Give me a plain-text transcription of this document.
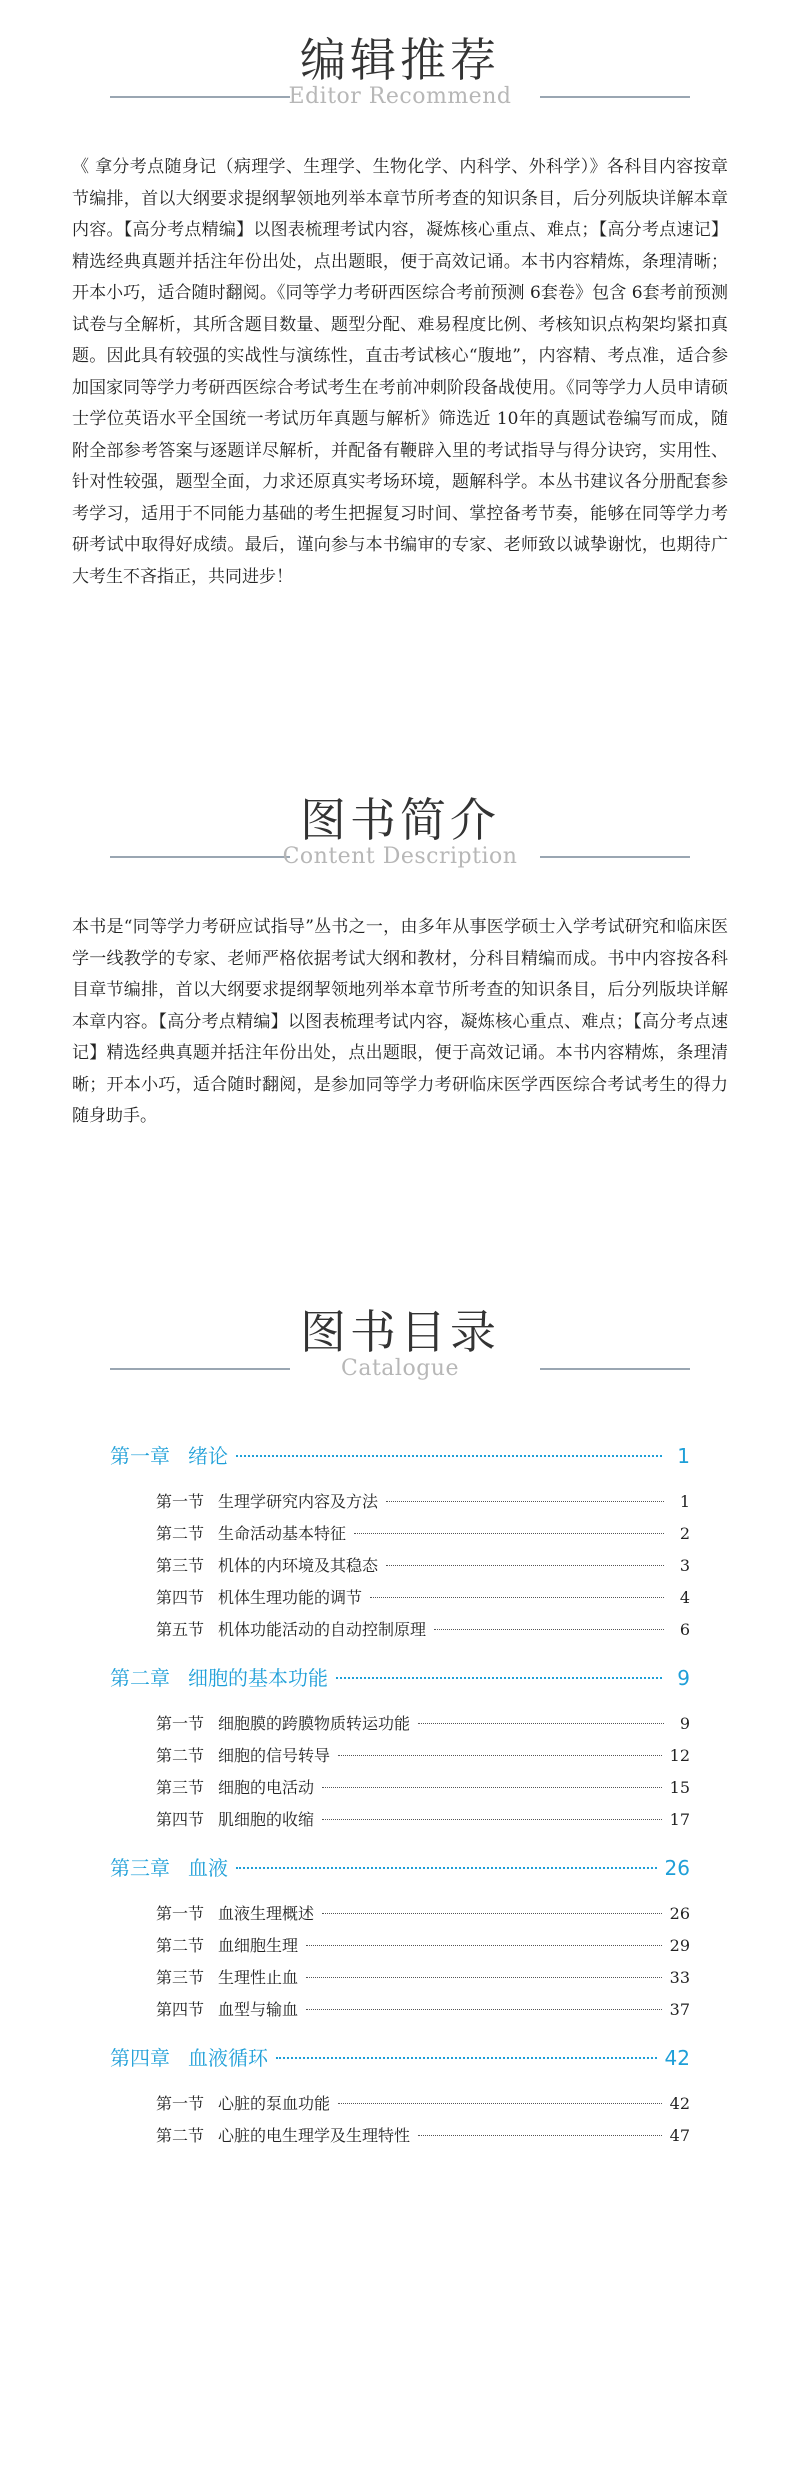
编辑推荐
Editor Recommend

《 拿分考点随身记（病理学、生理学、生物化学、内科学、外科学）》各科目内容按章节编排，首以大纲要求提纲挈领地列举本章节所考查的知识条目，后分列版块详解本章内容。【高分考点精编】以图表梳理考试内容，凝炼核心重点、难点；【高分考点速记】精选经典真题并括注年份出处，点出题眼，便于高效记诵。本书内容精炼，条理清晰；开本小巧，适合随时翻阅。《同等学力考研西医综合考前预测 6套卷》包含 6套考前预测试卷与全解析，其所含题目数量、题型分配、难易程度比例、考核知识点构架均紧扣真题。因此具有较强的实战性与演练性，直击考试核心“腹地”，内容精、考点准，适合参加国家同等学力考研西医综合考试考生在考前冲刺阶段备战使用。《同等学力人员申请硕士学位英语水平全国统一考试历年真题与解析》筛选近 10年的真题试卷编写而成，随附全部参考答案与逐题详尽解析，并配备有鞭辟入里的考试指导与得分诀窍，实用性、针对性较强，题型全面，力求还原真实考场环境，题解科学。本丛书建议各分册配套参考学习，适用于不同能力基础的考生把握复习时间、掌控备考节奏，能够在同等学力考研考试中取得好成绩。最后，谨向参与本书编审的专家、老师致以诚挚谢忱，也期待广大考生不吝指正，共同进步！

图书简介
Content Description

本书是“同等学力考研应试指导”丛书之一，由多年从事医学硕士入学考试研究和临床医学一线教学的专家、老师严格依据考试大纲和教材，分科目精编而成。书中内容按各科目章节编排，首以大纲要求提纲挈领地列举本章节所考查的知识条目，后分列版块详解本章内容。【高分考点精编】以图表梳理考试内容，凝炼核心重点、难点；【高分考点速记】精选经典真题并括注年份出处，点出题眼，便于高效记诵。本书内容精炼，条理清晰；开本小巧，适合随时翻阅，是参加同等学力考研临床医学西医综合考试考生的得力随身助手。

图书目录
Catalogue
第一章 绪论	1
第一节 生理学研究内容及方法	1
第二节 生命活动基本特征	2
第三节 机体的内环境及其稳态	3
第四节 机体生理功能的调节	4
第五节 机体功能活动的自动控制原理	6
第二章 细胞的基本功能	9
第一节 细胞膜的跨膜物质转运功能	9
第二节 细胞的信号转导	12
第三节 细胞的电活动	15
第四节 肌细胞的收缩	17
第三章 血液	26
第一节 血液生理概述	26
第二节 血细胞生理	29
第三节 生理性止血	33
第四节 血型与输血	37
第四章 血液循环	42
第一节 心脏的泵血功能	42
第二节 心脏的电生理学及生理特性	47
